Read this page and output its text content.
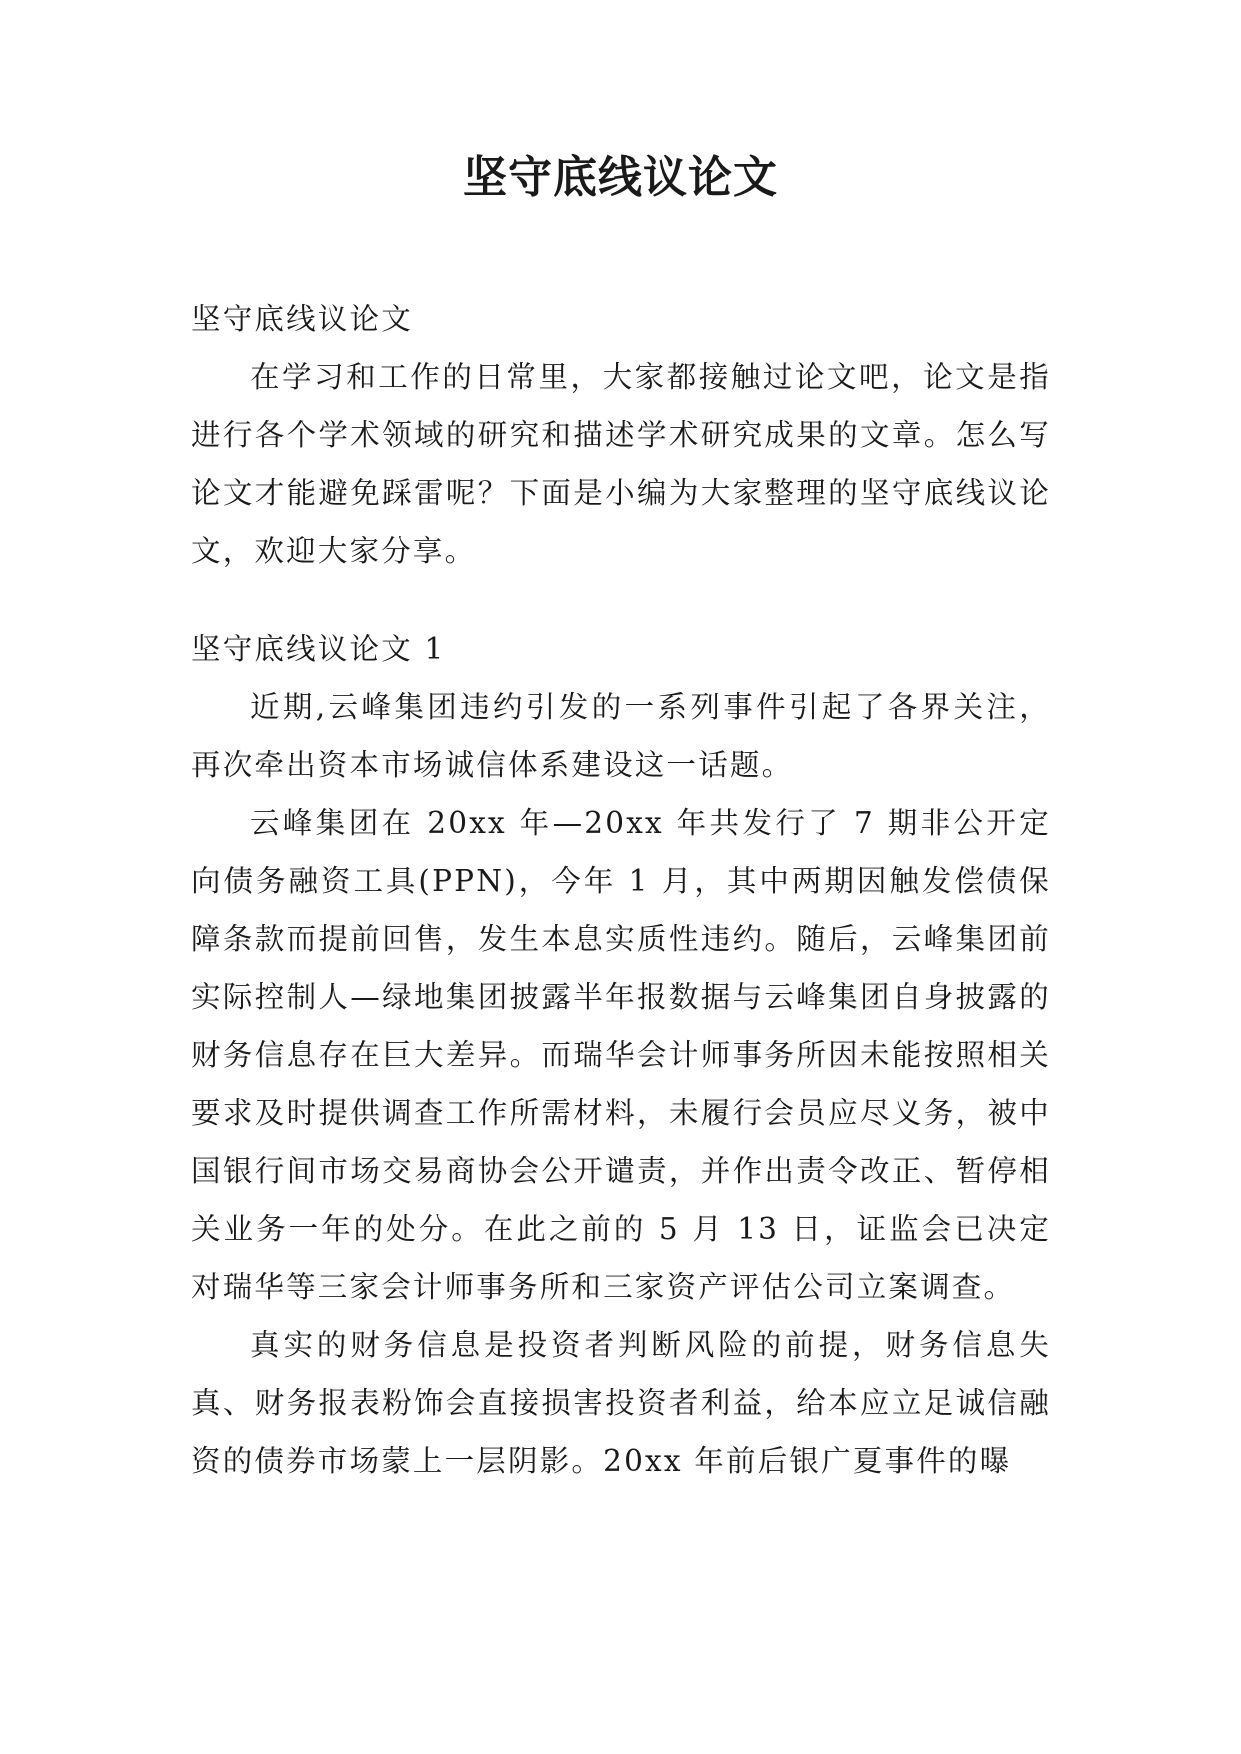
坚守底线议论文

坚守底线议论文

在学习和工作的日常里，大家都接触过论文吧，论文是指进行各个学术领域的研究和描述学术研究成果的文章。怎么写论文才能避免踩雷呢？下面是小编为大家整理的坚守底线议论文，欢迎大家分享。

坚守底线议论文 1

近期,云峰集团违约引发的一系列事件引起了各界关注，再次牵出资本市场诚信体系建设这一话题。

云峰集团在 20xx 年—20xx 年共发行了 7 期非公开定向债务融资工具(PPN)，今年 1 月，其中两期因触发偿债保障条款而提前回售，发生本息实质性违约。随后，云峰集团前实际控制人—绿地集团披露半年报数据与云峰集团自身披露的财务信息存在巨大差异。而瑞华会计师事务所因未能按照相关要求及时提供调查工作所需材料，未履行会员应尽义务，被中国银行间市场交易商协会公开谴责，并作出责令改正、暂停相关业务一年的处分。在此之前的 5 月 13 日，证监会已决定对瑞华等三家会计师事务所和三家资产评估公司立案调查。

真实的财务信息是投资者判断风险的前提，财务信息失真、财务报表粉饰会直接损害投资者利益，给本应立足诚信融资的债券市场蒙上一层阴影。20xx 年前后银广夏事件的曝
